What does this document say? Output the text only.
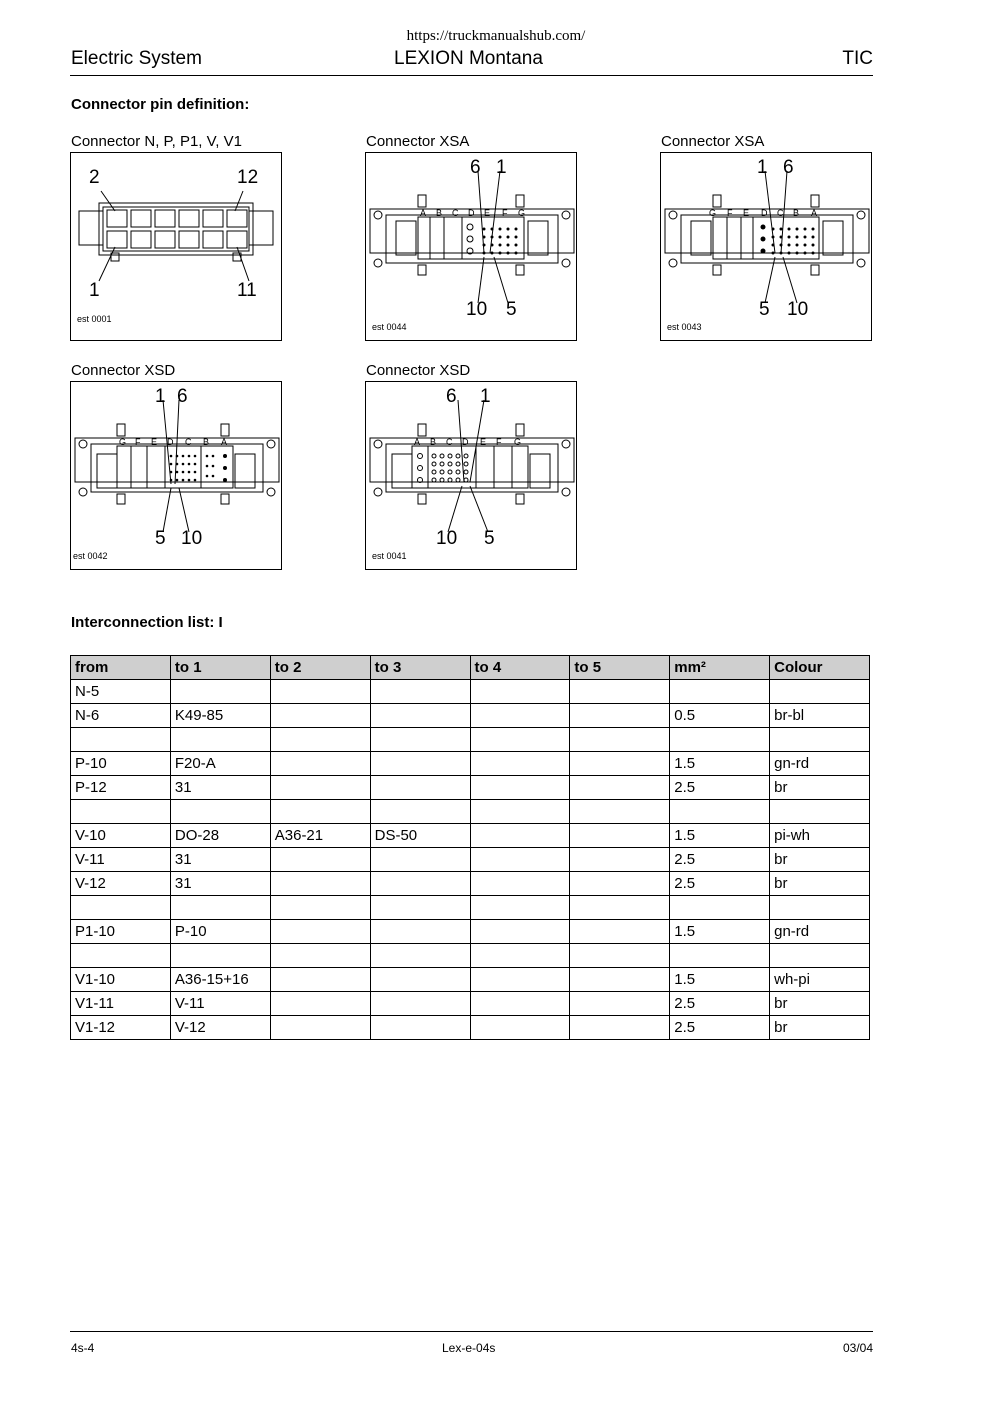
https://truckmanualshub.com/
Electric System	LEXION Montana	TIC
Connector pin definition:
Connector N, P, P1, V, V1
2	12
1	11
est 0001
Connector XSA
A B C D E F G
6 1
10 5
est 0044
Connector XSA
G F E D C B A
1 6
5 10
est 0043
Connector XSD
G F E D C B A
1 6
5 10
est 0042
Connector XSD
A B C D E F G
6 1
10 5
est 0041
Interconnection list: I
from	to 1	to 2	to 3	to 4	to 5	mm²	Colour
N-5							
N-6	K49-85					0.5	br-bl

P-10	F20-A					1.5	gn-rd
P-12	31					2.5	br

V-10	DO-28	A36-21	DS-50			1.5	pi-wh
V-11	31					2.5	br
V-12	31					2.5	br

P1-10	P-10					1.5	gn-rd

V1-10	A36-15+16					1.5	wh-pi
V1-11	V-11					2.5	br
V1-12	V-12					2.5	br
4s-4	Lex-e-04s	03/04
